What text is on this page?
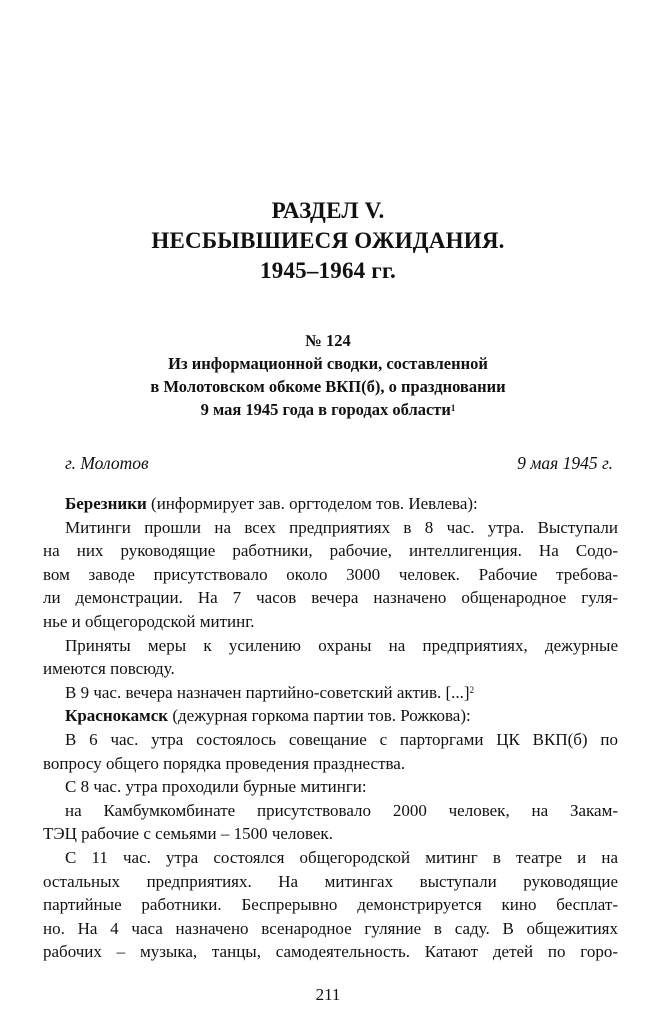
РАЗДЕЛ V.
НЕСБЫВШИЕСЯ ОЖИДАНИЯ.
1945–1964 гг.
№ 124
Из информационной сводки, составленной
в Молотовском обкоме ВКП(б), о праздновании
9 мая 1945 года в городах области$^1$
г. Молотов	9 мая 1945 г.

Березники (информирует зав. оргтоделом тов. Иевлева):

Митинги прошли на всех предприятиях в 8 час. утра. Выступали

на них руководящие работники, рабочие, интеллигенция. На Содо-

вом заводе присутствовало около 3000 человек. Рабочие требова-

ли демонстрации. На 7 часов вечера назначено общенародное гуля-

нье и общегородской митинг.

Приняты меры к усилению охраны на предприятиях, дежурные

имеются повсюду.

В 9 час. вечера назначен партийно-советский актив. [...]$^2$

Краснокамск (дежурная горкома партии тов. Рожкова):

В 6 час. утра состоялось совещание с парторгами ЦК ВКП(б) по

вопросу общего порядка проведения празднества.

С 8 час. утра проходили бурные митинги:

на Камбумкомбинате присутствовало 2000 человек, на Закам-

ТЭЦ рабочие с семьями – 1500 человек.

С 11 час. утра состоялся общегородской митинг в театре и на

остальных предприятиях. На митингах выступали руководящие

партийные работники. Беспрерывно демонстрируется кино бесплат-

но. На 4 часа назначено всенародное гуляние в саду. В общежитиях

рабочих – музыка, танцы, самодеятельность. Катают детей по горо-

211
